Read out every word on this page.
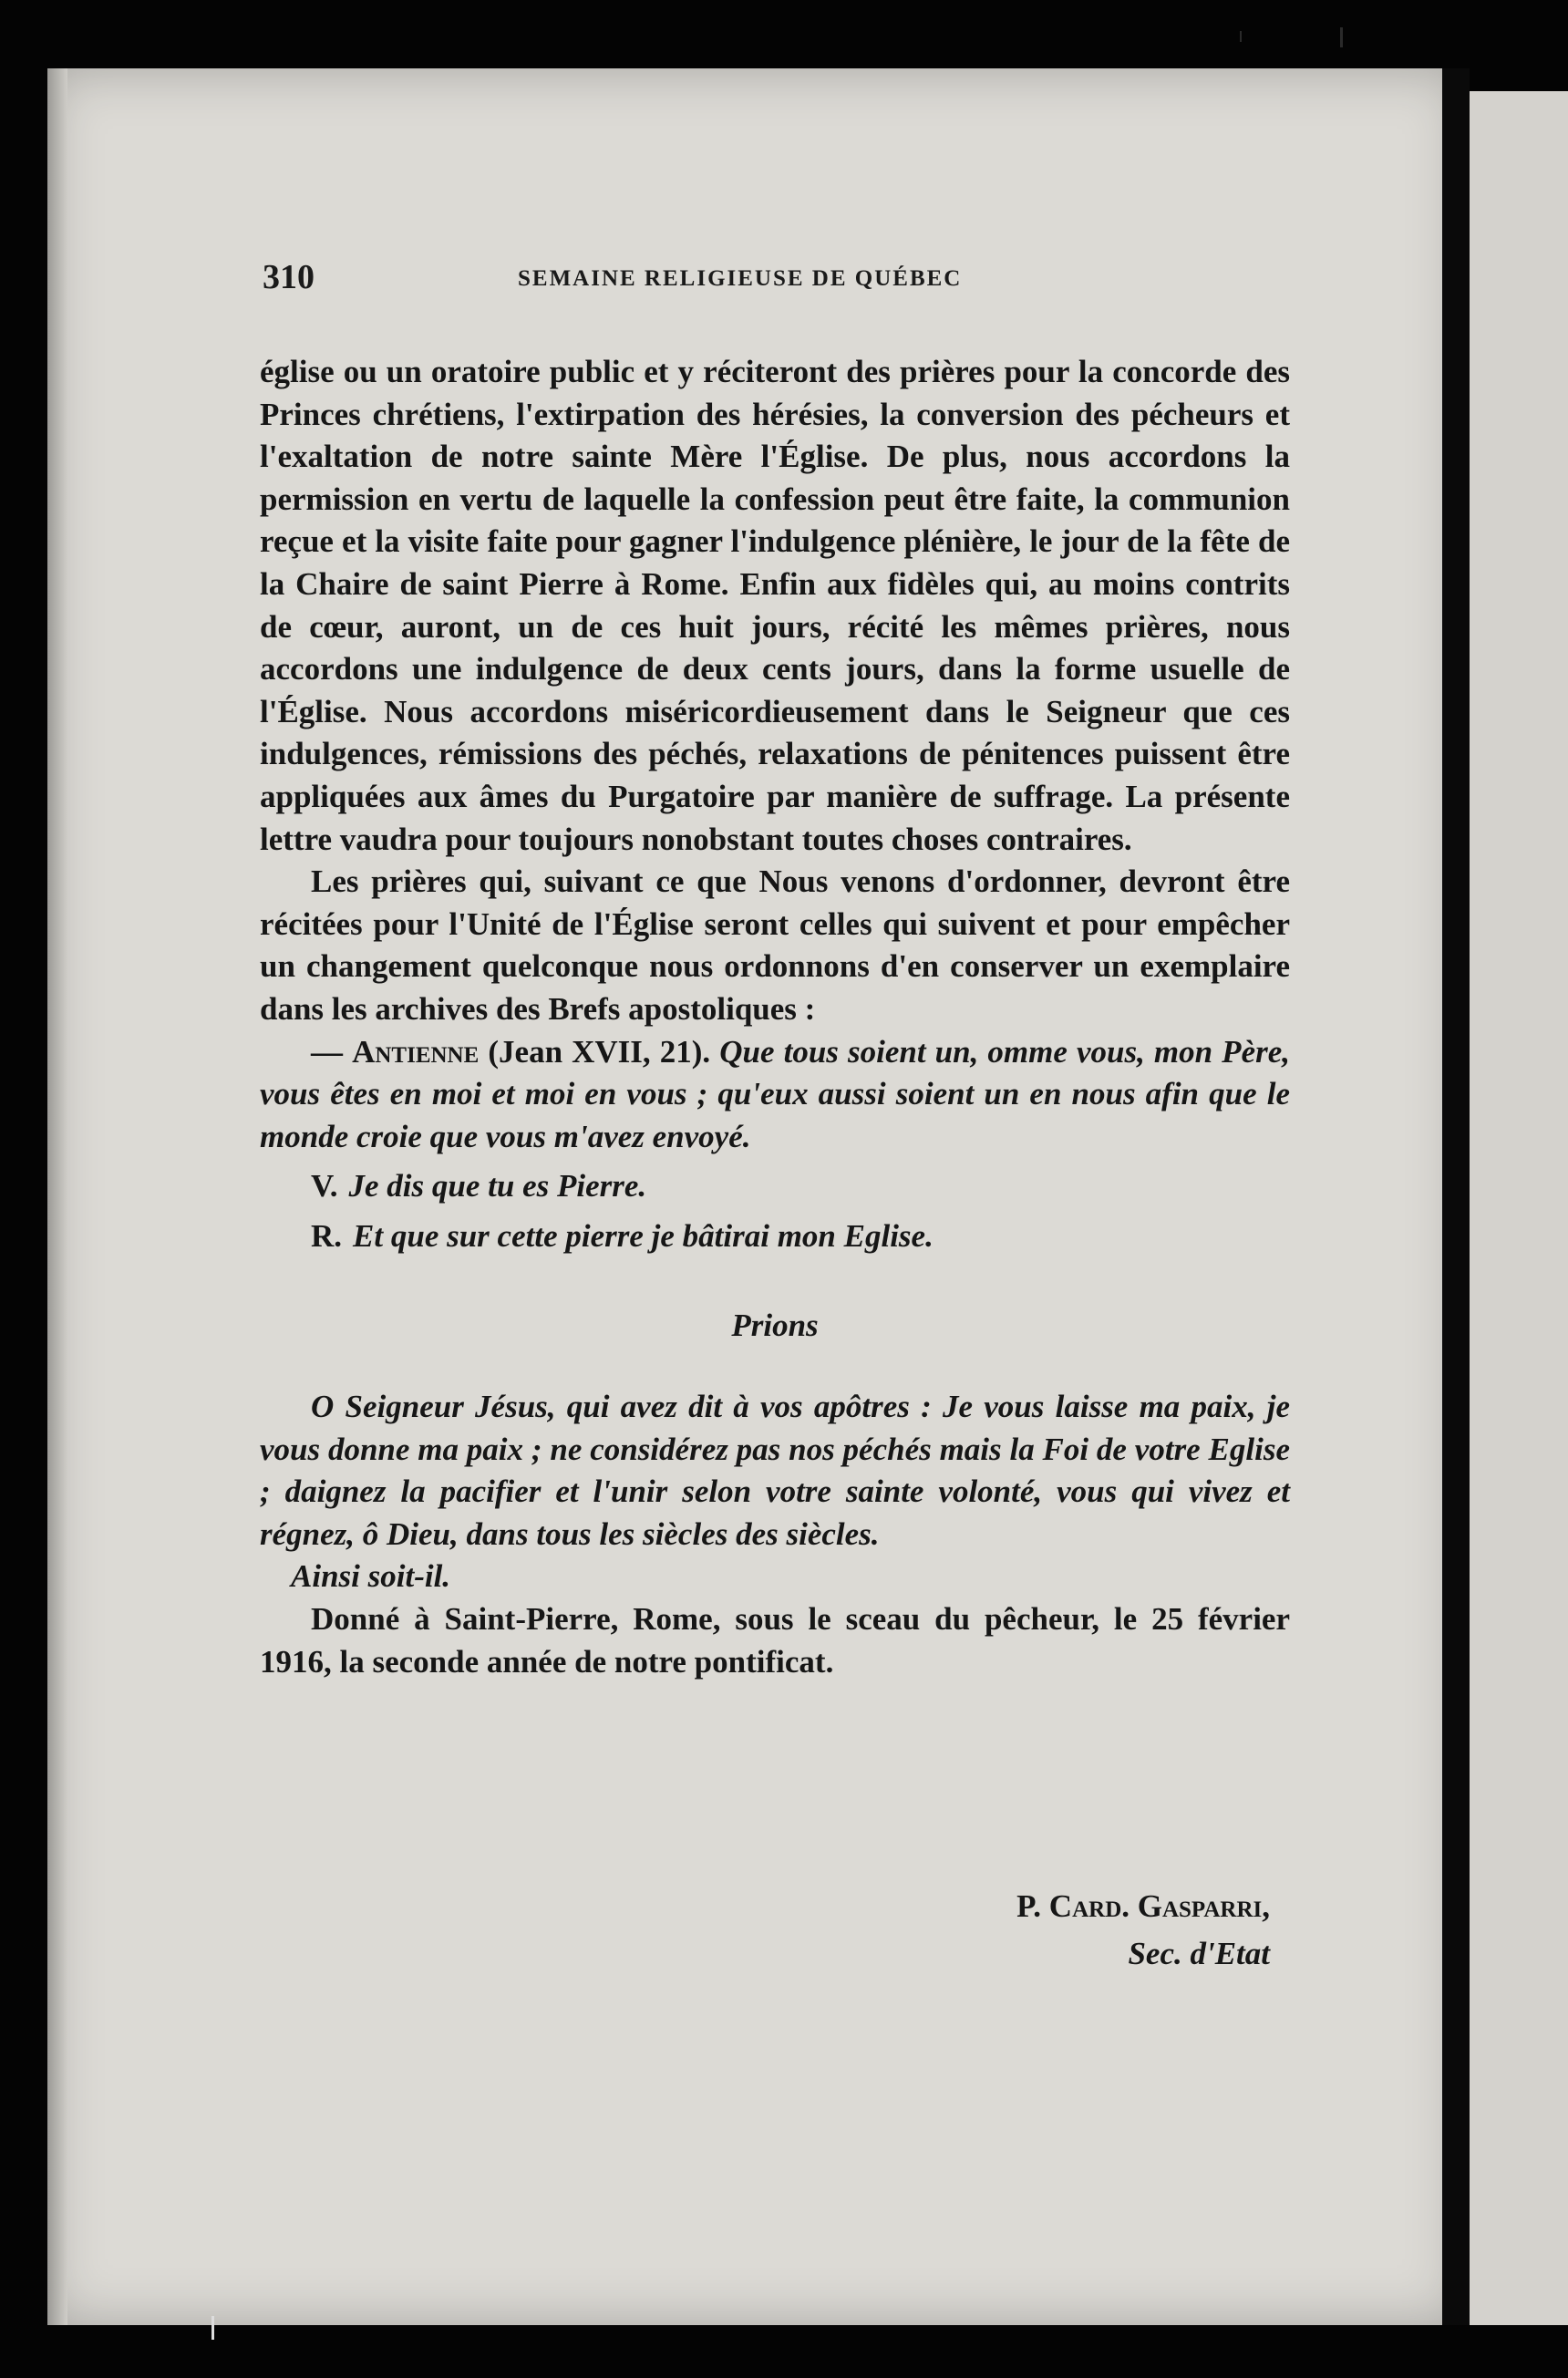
310	SEMAINE RELIGIEUSE DE QUÉBEC

église ou un oratoire public et y réciteront des prières pour la concorde des Princes chrétiens, l'extirpation des hérésies, la conversion des pécheurs et l'exaltation de notre sainte Mère l'Église. De plus, nous accordons la permission en vertu de laquelle la confession peut être faite, la communion reçue et la visite faite pour gagner l'indulgence plénière, le jour de la fête de la Chaire de saint Pierre à Rome. Enfin aux fidèles qui, au moins contrits de cœur, auront, un de ces huit jours, récité les mêmes prières, nous accordons une indulgence de deux cents jours, dans la forme usuelle de l'Église. Nous accordons miséricordieusement dans le Seigneur que ces indulgences, rémissions des péchés, relaxations de pénitences puissent être appliquées aux âmes du Purgatoire par manière de suffrage. La présente lettre vaudra pour toujours nonobstant toutes choses contraires.

Les prières qui, suivant ce que Nous venons d'ordonner, devront être récitées pour l'Unité de l'Église seront celles qui suivent et pour empêcher un changement quelconque nous ordonnons d'en conserver un exemplaire dans les archives des Brefs apostoliques :

— Antienne (Jean XVII, 21). Que tous soient un, omme vous, mon Père, vous êtes en moi et moi en vous ; qu'eux aussi soient un en nous afin que le monde croie que vous m'avez envoyé.

V. Je dis que tu es Pierre.

R. Et que sur cette pierre je bâtirai mon Eglise.

Prions

O Seigneur Jésus, qui avez dit à vos apôtres : Je vous laisse ma paix, je vous donne ma paix ; ne considérez pas nos péchés mais la Foi de votre Eglise ; daignez la pacifier et l'unir selon votre sainte volonté, vous qui vivez et régnez, ô Dieu, dans tous les siècles des siècles.

Ainsi soit-il.

Donné à Saint-Pierre, Rome, sous le sceau du pêcheur, le 25 février 1916, la seconde année de notre pontificat.

P. Card. Gasparri,
Sec. d'Etat
